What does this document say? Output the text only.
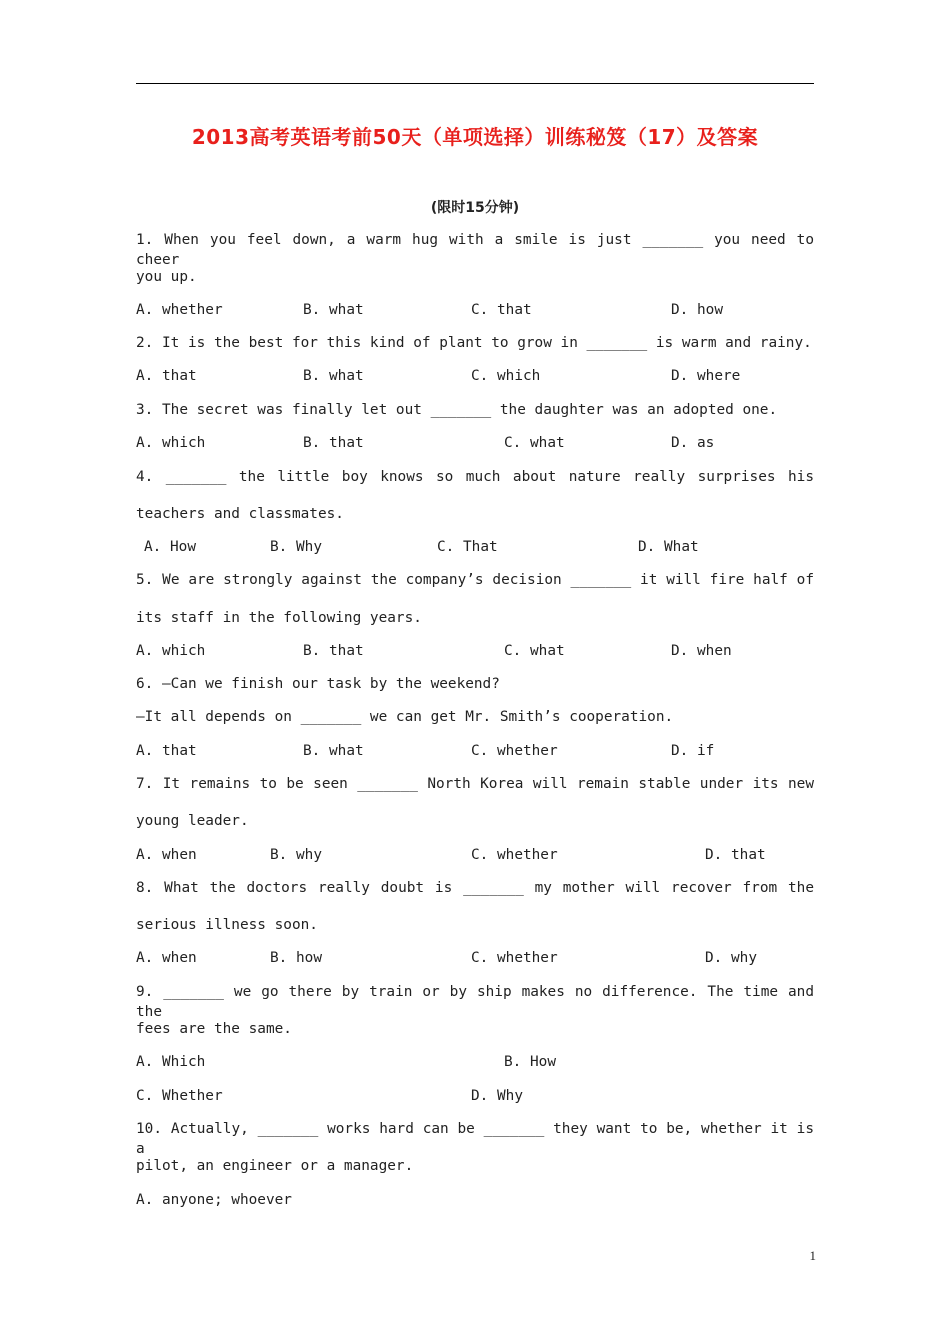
2013高考英语考前50天（单项选择）训练秘笈（17）及答案
(限时15分钟)
1. When you feel down, a warm hug with a smile is just _______ you need to cheer
you up.
A. whether	B. what	C. that	D. how
2. It is the best for this kind of plant to grow in _______ is warm and rainy.
A. that	B. what	C. which	D. where
3. The secret was finally let out _______ the daughter was an adopted one.
A. which	B. that	C. what	D. as
4. _______ the little boy knows so much about nature really surprises his
teachers and classmates.
A. How	B. Why	C. That	D. What
5. We are strongly against the company’s decision _______ it will fire half of
its staff in the following years.
A. which	B. that	C. what	D. when
6. —Can we finish our task by the weekend?
—It all depends on _______ we can get Mr. Smith’s cooperation.
A. that	B. what	C. whether	D. if
7. It remains to be seen _______ North Korea will remain stable under its new
young leader.
A. when	B. why	C. whether	D. that
8. What the doctors really doubt is _______ my mother will recover from the
serious illness soon.
A. when	B. how	C. whether	D. why
9. _______ we go there by train or by ship makes no difference. The time and the
fees are the same.
A. Which	B. How
C. Whether	D. Why
10. Actually, _______ works hard can be _______ they want to be, whether it is a
pilot, an engineer or a manager.
A. anyone; whoever
1
